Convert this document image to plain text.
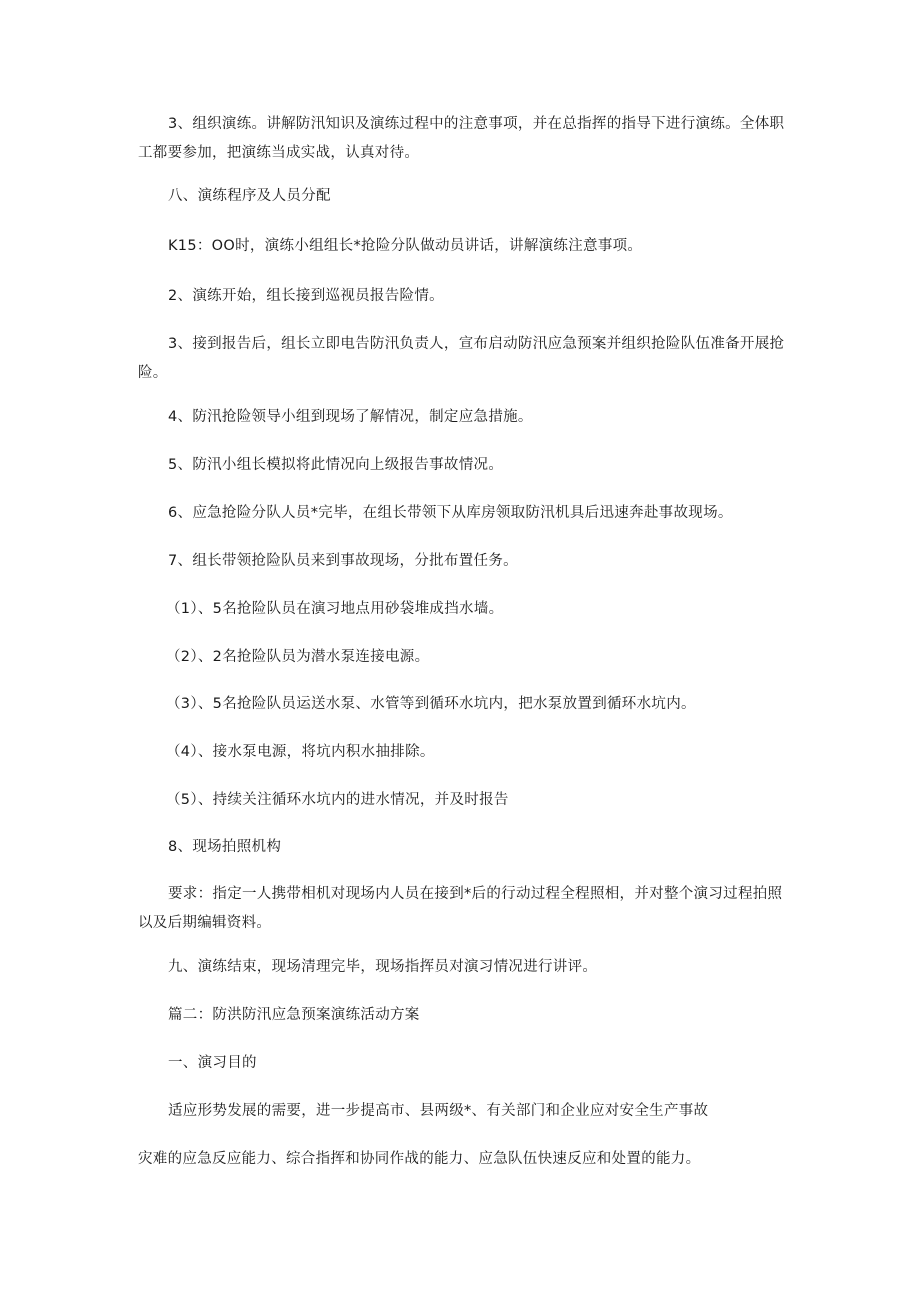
3、组织演练。讲解防汛知识及演练过程中的注意事项，并在总指挥的指导下进行演练。全体职工都要参加，把演练当成实战，认真对待。

八、演练程序及人员分配

K15：OO时，演练小组组长*抢险分队做动员讲话，讲解演练注意事项。

2、演练开始，组长接到巡视员报告险情。

3、接到报告后，组长立即电告防汛负责人，宣布启动防汛应急预案并组织抢险队伍准备开展抢险。

4、防汛抢险领导小组到现场了解情况，制定应急措施。

5、防汛小组长模拟将此情况向上级报告事故情况。

6、应急抢险分队人员*完毕，在组长带领下从库房领取防汛机具后迅速奔赴事故现场。

7、组长带领抢险队员来到事故现场，分批布置任务。

（1）、5名抢险队员在演习地点用砂袋堆成挡水墙。

（2）、2名抢险队员为潜水泵连接电源。

（3）、5名抢险队员运送水泵、水管等到循环水坑内，把水泵放置到循环水坑内。

（4）、接水泵电源，将坑内积水抽排除。

（5）、持续关注循环水坑内的进水情况，并及时报告

8、现场拍照机构

要求：指定一人携带相机对现场内人员在接到*后的行动过程全程照相，并对整个演习过程拍照以及后期编辑资料。

九、演练结束，现场清理完毕，现场指挥员对演习情况进行讲评。

篇二：防洪防汛应急预案演练活动方案

一、演习目的

适应形势发展的需要，进一步提高市、县两级*、有关部门和企业应对安全生产事故

灾难的应急反应能力、综合指挥和协同作战的能力、应急队伍快速反应和处置的能力。
